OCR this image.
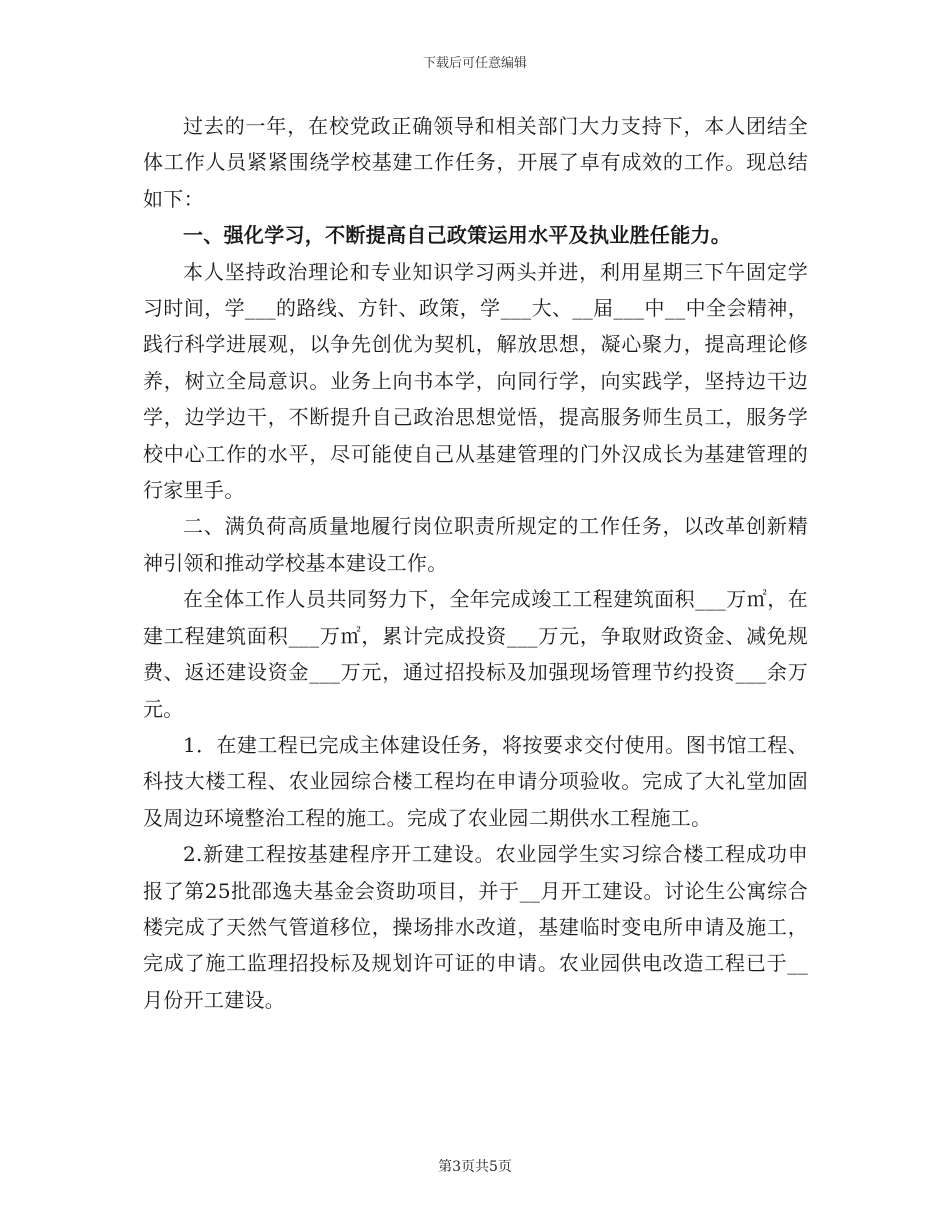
下载后可任意编辑

过去的一年，在校党政正确领导和相关部门大力支持下，本人团结全体工作人员紧紧围绕学校基建工作任务，开展了卓有成效的工作。现总结如下：

一、强化学习，不断提高自己政策运用水平及执业胜任能力。

本人坚持政治理论和专业知识学习两头并进，利用星期三下午固定学习时间，学___的路线、方针、政策，学___大、__届___中__中全会精神，践行科学进展观，以争先创优为契机，解放思想，凝心聚力，提高理论修养，树立全局意识。业务上向书本学，向同行学，向实践学，坚持边干边学，边学边干，不断提升自己政治思想觉悟，提高服务师生员工，服务学校中心工作的水平，尽可能使自己从基建管理的门外汉成长为基建管理的行家里手。

二、满负荷高质量地履行岗位职责所规定的工作任务，以改革创新精神引领和推动学校基本建设工作。

在全体工作人员共同努力下，全年完成竣工工程建筑面积___万㎡，在建工程建筑面积___万㎡，累计完成投资___万元，争取财政资金、减免规费、返还建设资金___万元，通过招投标及加强现场管理节约投资___余万元。

1．在建工程已完成主体建设任务，将按要求交付使用。图书馆工程、科技大楼工程、农业园综合楼工程均在申请分项验收。完成了大礼堂加固及周边环境整治工程的施工。完成了农业园二期供水工程施工。

2.新建工程按基建程序开工建设。农业园学生实习综合楼工程成功申报了第25批邵逸夫基金会资助项目，并于__月开工建设。讨论生公寓综合楼完成了天然气管道移位，操场排水改道，基建临时变电所申请及施工，完成了施工监理招投标及规划许可证的申请。农业园供电改造工程已于__月份开工建设。

第3页共5页
